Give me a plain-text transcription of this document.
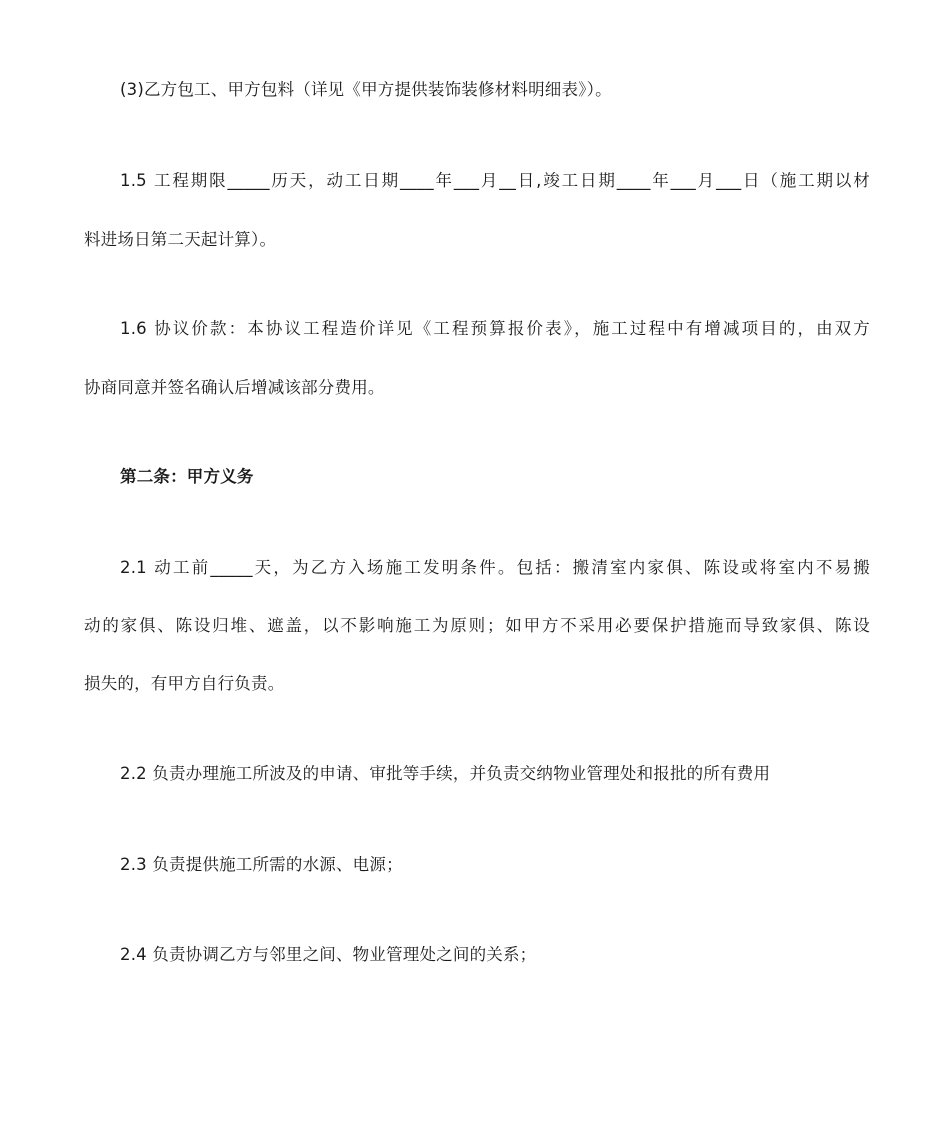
(3)乙方包工、甲方包料（详见《甲方提供装饰装修材料明细表》）。
1.5 工程期限_____历天，动工日期____年___月__日,竣工日期____年___月___日（施工期以材
料进场日第二天起计算）。
1.6 协议价款：本协议工程造价详见《工程预算报价表》，施工过程中有增减项目的，由双方
协商同意并签名确认后增减该部分费用。
第二条：甲方义务
2.1 动工前_____天，为乙方入场施工发明条件。包括：搬清室内家俱、陈设或将室内不易搬
动的家俱、陈设归堆、遮盖，以不影响施工为原则；如甲方不采用必要保护措施而导致家俱、陈设
损失的，有甲方自行负责。
2.2 负责办理施工所波及的申请、审批等手续，并负责交纳物业管理处和报批的所有费用
2.3 负责提供施工所需的水源、电源；
2.4 负责协调乙方与邻里之间、物业管理处之间的关系；
